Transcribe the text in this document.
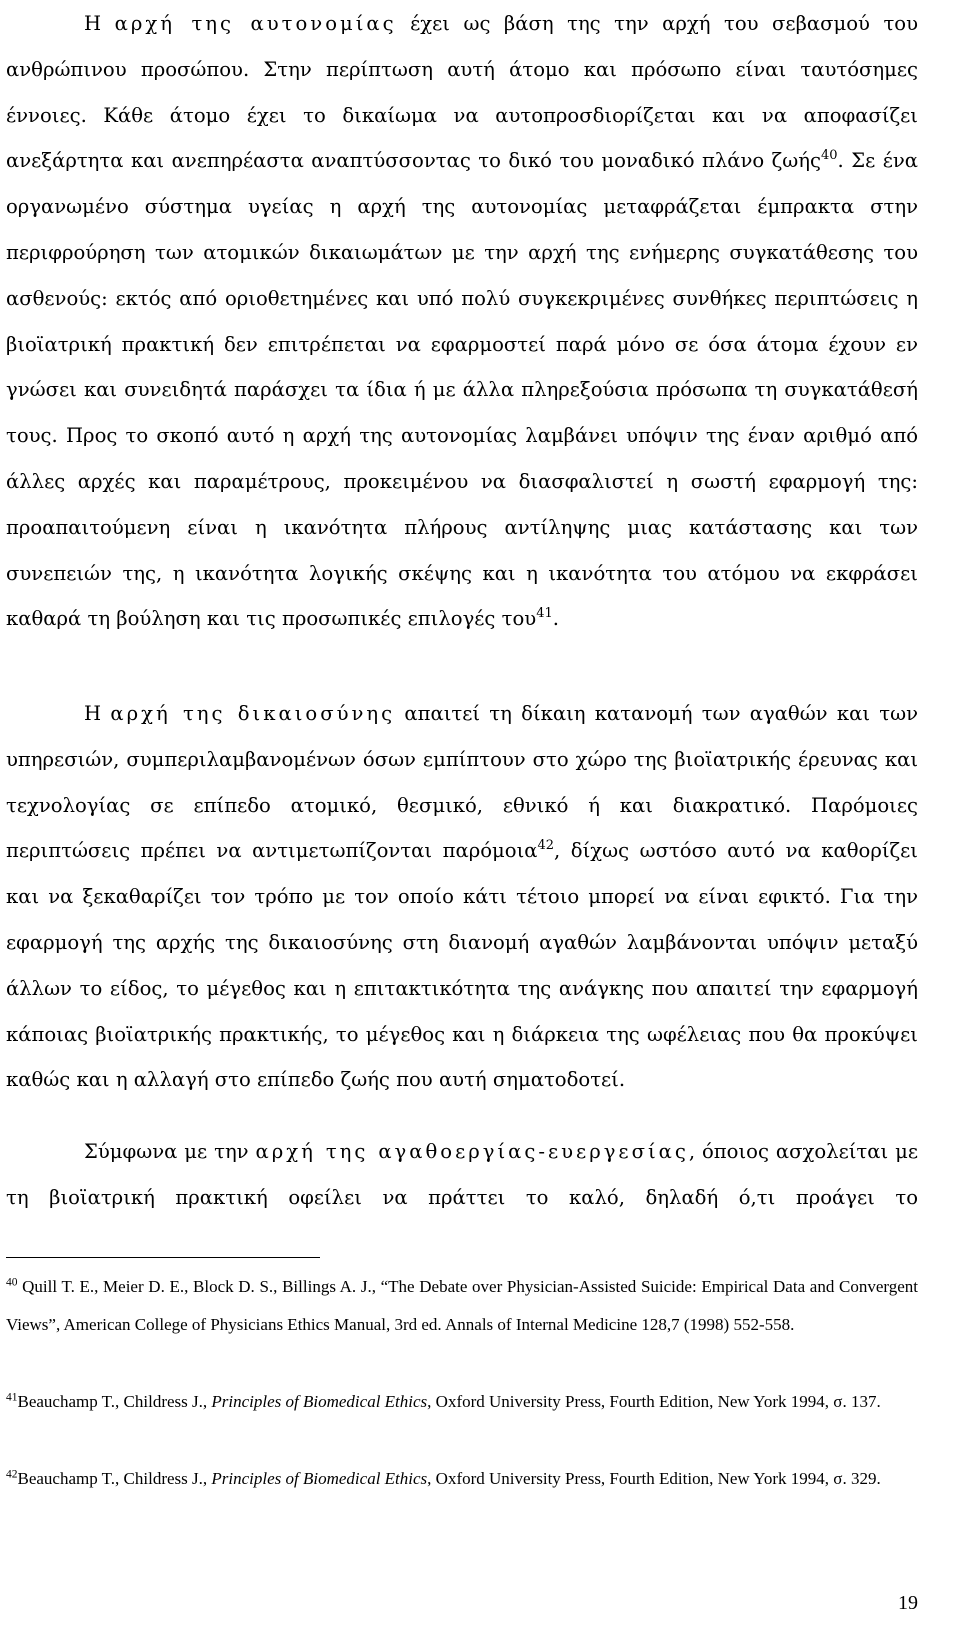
Η αρχή της αυτονομίας έχει ως βάση της την αρχή του σεβασμού του ανθρώπινου προσώπου. Στην περίπτωση αυτή άτομο και πρόσωπο είναι ταυτόσημες έννοιες. Κάθε άτομο έχει το δικαίωμα να αυτοπροσδιορίζεται και να αποφασίζει ανεξάρτητα και ανεπηρέαστα αναπτύσσοντας το δικό του μοναδικό πλάνο ζωής$^{40}$. Σε ένα οργανωμένο σύστημα υγείας η αρχή της αυτονομίας μεταφράζεται έμπρακτα στην περιφρούρηση των ατομικών δικαιωμάτων με την αρχή της ενήμερης συγκατάθεσης του ασθενούς: εκτός από οριοθετημένες και υπό πολύ συγκεκριμένες συνθήκες περιπτώσεις η βιοϊατρική πρακτική δεν επιτρέπεται να εφαρμοστεί παρά μόνο σε όσα άτομα έχουν εν γνώσει και συνειδητά παράσχει τα ίδια ή με άλλα πληρεξούσια πρόσωπα τη συγκατάθεσή τους. Προς το σκοπό αυτό η αρχή της αυτονομίας λαμβάνει υπόψιν της έναν αριθμό από άλλες αρχές και παραμέτρους, προκειμένου να διασφαλιστεί η σωστή εφαρμογή της: προαπαιτούμενη είναι η ικανότητα πλήρους αντίληψης μιας κατάστασης και των συνεπειών της, η ικανότητα λογικής σκέψης και η ικανότητα του ατόμου να εκφράσει καθαρά τη βούληση και τις προσωπικές επιλογές του$^{41}$.

Η αρχή της δικαιοσύνης απαιτεί τη δίκαιη κατανομή των αγαθών και των υπηρεσιών, συμπεριλαμβανομένων όσων εμπίπτουν στο χώρο της βιοϊατρικής έρευνας και τεχνολογίας σε επίπεδο ατομικό, θεσμικό, εθνικό ή και διακρατικό. Παρόμοιες περιπτώσεις πρέπει να αντιμετωπίζονται παρόμοια$^{42}$, δίχως ωστόσο αυτό να καθορίζει και να ξεκαθαρίζει τον τρόπο με τον οποίο κάτι τέτοιο μπορεί να είναι εφικτό. Για την εφαρμογή της αρχής της δικαιοσύνης στη διανομή αγαθών λαμβάνονται υπόψιν μεταξύ άλλων το είδος, το μέγεθος και η επιτακτικότητα της ανάγκης που απαιτεί την εφαρμογή κάποιας βιοϊατρικής πρακτικής, το μέγεθος και η διάρκεια της ωφέλειας που θα προκύψει καθώς και η αλλαγή στο επίπεδο ζωής που αυτή σηματοδοτεί.

Σύμφωνα με την αρχή της αγαθοεργίας-ευεργεσίας, όποιος ασχολείται με τη βιοϊατρική πρακτική οφείλει να πράττει το καλό, δηλαδή ό,τι προάγει το

$^{40}$ Quill T. E., Meier D. E., Block D. S., Billings A. J., “The Debate over Physician-Assisted Suicide: Empirical Data and Convergent Views”, American College of Physicians Ethics Manual, 3rd ed. Annals of Internal Medicine 128,7 (1998) 552-558.

$^{41}$Beauchamp T., Childress J., Principles of Biomedical Ethics, Oxford University Press, Fourth Edition, New York 1994, σ. 137.

$^{42}$Beauchamp T., Childress J., Principles of Biomedical Ethics, Oxford University Press, Fourth Edition, New York 1994, σ. 329.

19
